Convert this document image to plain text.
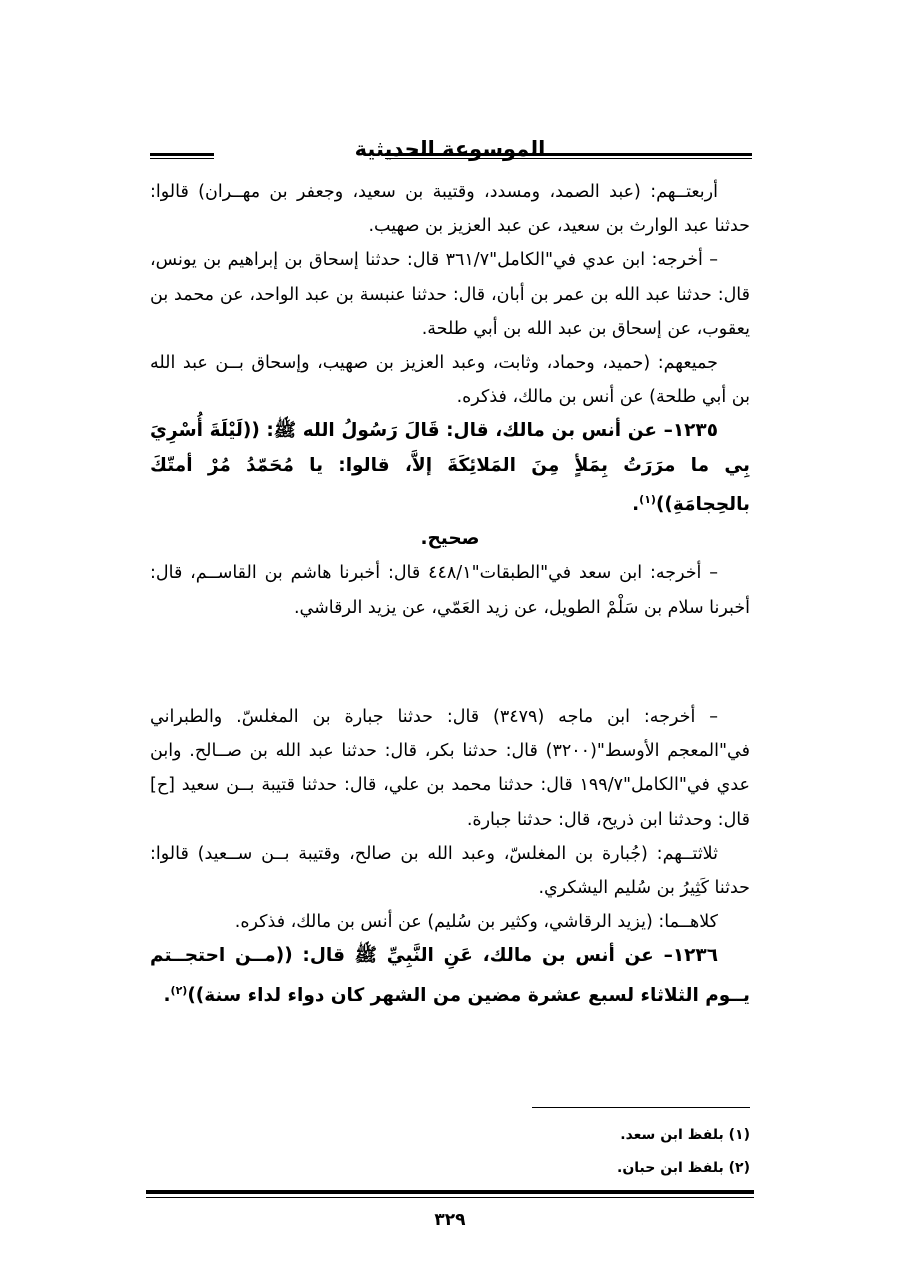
الموسوعة الحديثية

أربعتــهم: (عبد الصمد، ومسدد، وقتيبة بن سعيد، وجعفر بن مهــران) قالوا: حدثنا عبد الوارث بن سعيد، عن عبد العزيز بن صهيب.

– أخرجه: ابن عدي في"الكامل"٣٦١/٧ قال: حدثنا إسحاق بن إبراهيم بن يونس، قال: حدثنا عبد الله بن عمر بن أبان، قال: حدثنا عنبسة بن عبد الواحد، عن محمد بن يعقوب، عن إسحاق بن عبد الله بن أبي طلحة.

جميعهم: (حميد، وحماد، وثابت، وعبد العزيز بن صهيب، وإسحاق بــن عبد الله بن أبي طلحة) عن أنس بن مالك، فذكره.

١٢٣٥– عن أنس بن مالك، قال: قَالَ رَسُولُ الله ﷺ: ((لَيْلَةَ أُسْرِيَ بِي ما مرَرَتُ بِمَلأٍ مِنَ المَلائِكَةَ إلاَّ، قالوا: يا مُحَمّدُ مُرْ أمتّكَ بالحِجامَةِ))$^{(١)}$.

صحيح.

– أخرجه: ابن سعد في"الطبقات"٤٤٨/١ قال: أخبرنا هاشم بن القاســم، قال: أخبرنا سلام بن سَلْمْ الطويل، عن زيد العَمّي، عن يزيد الرقاشي.

– أخرجه: ابن ماجه (٣٤٧٩) قال: حدثنا جبارة بن المغلسّ. والطبراني في"المعجم الأوسط"(٣٢٠٠) قال: حدثنا بكر، قال: حدثنا عبد الله بن صــالح. وابن عدي في"الكامل"١٩٩/٧ قال: حدثنا محمد بن علي، قال: حدثنا قتيبة بــن سعيد [ح] قال: وحدثنا ابن ذريح، قال: حدثنا جبارة.

ثلاثتــهم: (جُبارة بن المغلسّ، وعبد الله بن صالح، وقتيبة بــن ســعيد) قالوا: حدثنا كَثِيرُ بن سُليم اليشكري.

كلاهــما: (يزيد الرقاشي، وكثير بن سُليم) عن أنس بن مالك، فذكره.

١٢٣٦– عن أنس بن مالك، عَنِ النَّبِيِّ ﷺ قال: ((مــن احتجــتم يــوم الثلاثاء لسبع عشرة مضين من الشهر كان دواء لداء سنة))$^{(٢)}$.

(١) بلفظ ابن سعد.
(٢) بلفظ ابن حبان.
٣٢٩
